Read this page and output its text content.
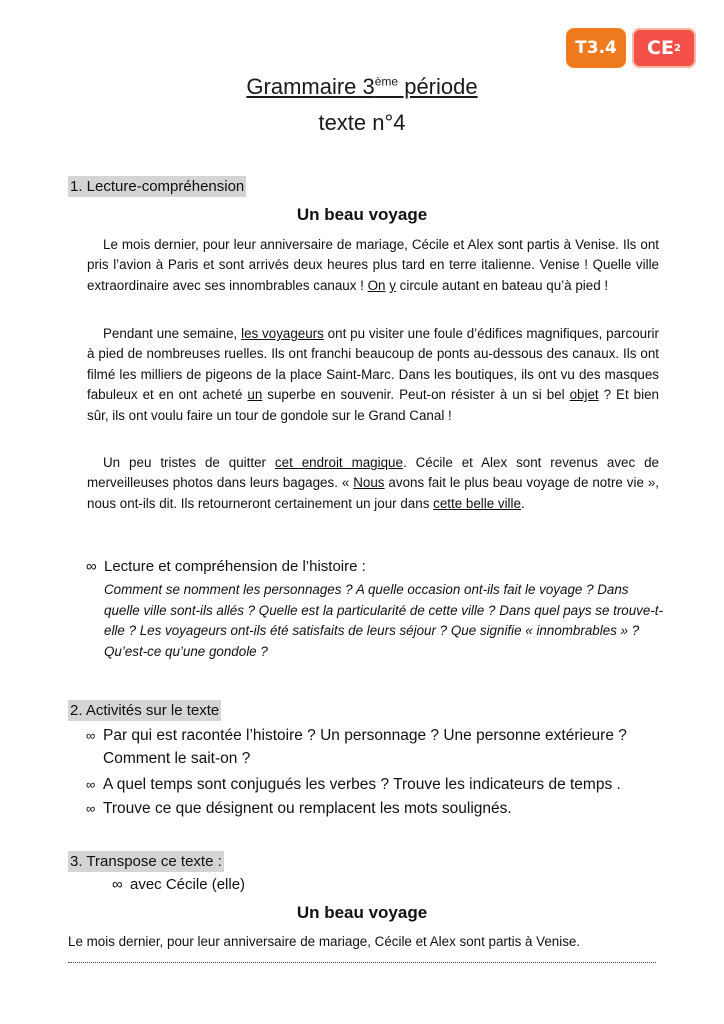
T3.4 CE 2
Grammaire 3ème période
texte n°4
1. Lecture-compréhension
Un beau voyage
Le mois dernier, pour leur anniversaire de mariage, Cécile et Alex sont partis à Venise. Ils ont pris l’avion à Paris et sont arrivés deux heures plus tard en terre italienne. Venise ! Quelle ville extraordinaire avec ses innombrables canaux ! On y circule autant en bateau qu’à pied !
Pendant une semaine, les voyageurs ont pu visiter une foule d’édifices magnifiques, parcourir à pied de nombreuses ruelles. Ils ont franchi beaucoup de ponts au-dessous des canaux. Ils ont filmé les milliers de pigeons de la place Saint-Marc. Dans les boutiques, ils ont vu des masques fabuleux et en ont acheté un superbe en souvenir. Peut-on résister à un si bel objet ? Et bien sûr, ils ont voulu faire un tour de gondole sur le Grand Canal !
Un peu tristes de quitter cet endroit magique. Cécile et Alex sont revenus avec de merveilleuses photos dans leurs bagages. « Nous avons fait le plus beau voyage de notre vie », nous ont-ils dit. Ils retourneront certainement un jour dans cette belle ville.
∞ Lecture et compréhension de l’histoire :
Comment se nomment les personnages ? A quelle occasion ont-ils fait le voyage ? Dans quelle ville sont-ils allés ? Quelle est la particularité de cette ville ? Dans quel pays se trouve-t-elle ? Les voyageurs ont-ils été satisfaits de leurs séjour ? Que signifie « innombrables » ? Qu’est-ce qu’une gondole ?
2. Activités sur le texte
∞ Par qui est racontée l’histoire ? Un personnage ? Une personne extérieure ?
Comment le sait-on ?
∞ A quel temps sont conjugués les verbes ? Trouve les indicateurs de temps .
∞ Trouve ce que désignent ou remplacent les mots soulignés.
3. Transpose ce texte :
∞ avec Cécile (elle)
Un beau voyage
Le mois dernier, pour leur anniversaire de mariage, Cécile et Alex sont partis à Venise.
